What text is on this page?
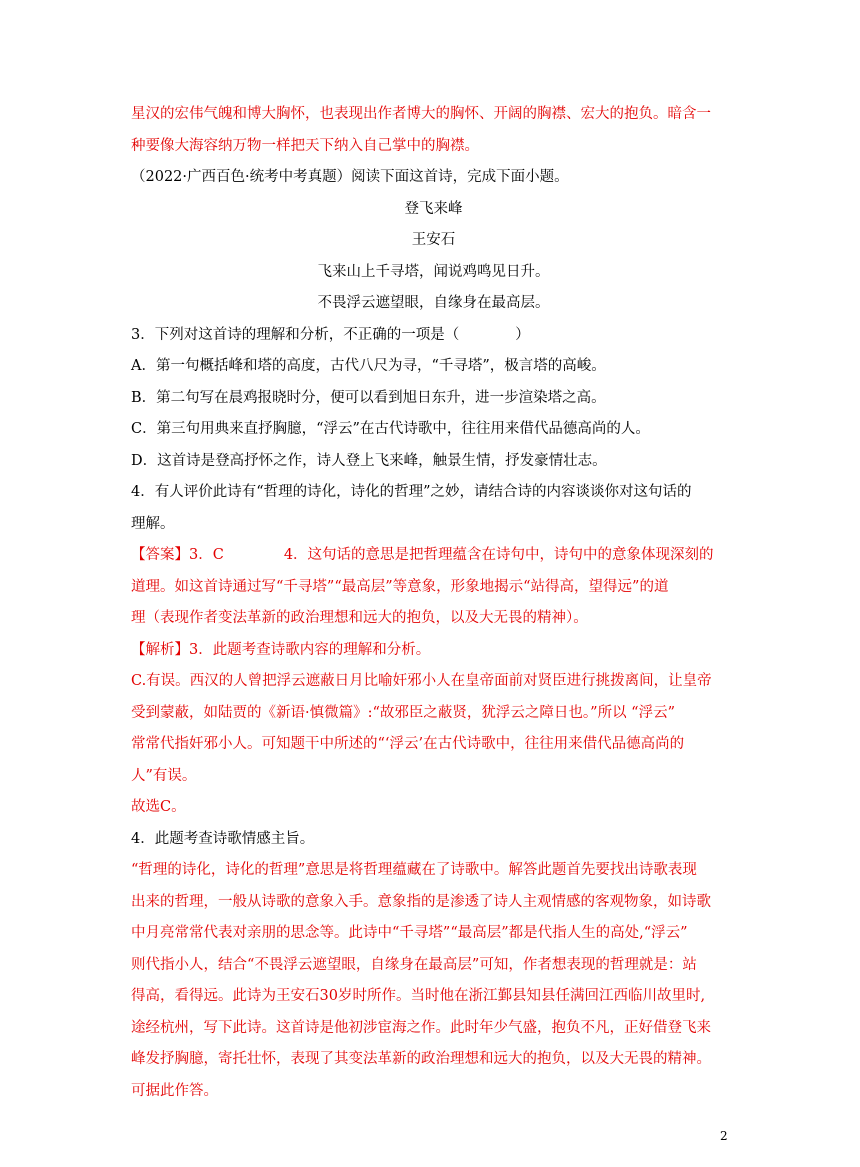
星汉的宏伟气魄和博大胸怀，也表现出作者博大的胸怀、开阔的胸襟、宏大的抱负。暗含一

种要像大海容纳万物一样把天下纳入自己掌中的胸襟。

（2022·广西百色·统考中考真题）阅读下面这首诗，完成下面小题。

登飞来峰

王安石

飞来山上千寻塔，闻说鸡鸣见日升。

不畏浮云遮望眼，自缘身在最高层。

3．下列对这首诗的理解和分析，不正确的一项是（	）

A．第一句概括峰和塔的高度，古代八尺为寻，“千寻塔”，极言塔的高峻。

B．第二句写在晨鸡报晓时分，便可以看到旭日东升，进一步渲染塔之高。

C．第三句用典来直抒胸臆，“浮云”在古代诗歌中，往往用来借代品德高尚的人。

D．这首诗是登高抒怀之作，诗人登上飞来峰，触景生情，抒发豪情壮志。

4．有人评价此诗有“哲理的诗化，诗化的哲理”之妙，请结合诗的内容谈谈你对这句话的

理解。

【答案】3．C	4．这句话的意思是把哲理蕴含在诗句中，诗句中的意象体现深刻的

道理。如这首诗通过写“千寻塔”“最高层”等意象，形象地揭示“站得高，望得远”的道

理（表现作者变法革新的政治理想和远大的抱负，以及大无畏的精神）。

【解析】3．此题考查诗歌内容的理解和分析。

C.有误。西汉的人曾把浮云遮蔽日月比喻奸邪小人在皇帝面前对贤臣进行挑拨离间，让皇帝

受到蒙蔽，如陆贾的《新语·慎微篇》:“故邪臣之蔽贤，犹浮云之障日也。”所以 “浮云”

常常代指奸邪小人。可知题干中所述的“‘浮云’在古代诗歌中，往往用来借代品德高尚的

人”有误。

故选C。

4．此题考查诗歌情感主旨。

“哲理的诗化，诗化的哲理”意思是将哲理蕴藏在了诗歌中。解答此题首先要找出诗歌表现

出来的哲理，一般从诗歌的意象入手。意象指的是渗透了诗人主观情感的客观物象，如诗歌

中月亮常常代表对亲朋的思念等。此诗中“千寻塔”“最高层”都是代指人生的高处,“浮云”

则代指小人，结合“不畏浮云遮望眼，自缘身在最高层”可知，作者想表现的哲理就是：站

得高，看得远。此诗为王安石30岁时所作。当时他在浙江鄞县知县任满回江西临川故里时,

途经杭州，写下此诗。这首诗是他初涉宦海之作。此时年少气盛，抱负不凡，正好借登飞来

峰发抒胸臆，寄托壮怀，表现了其变法革新的政治理想和远大的抱负，以及大无畏的精神。

可据此作答。

2
